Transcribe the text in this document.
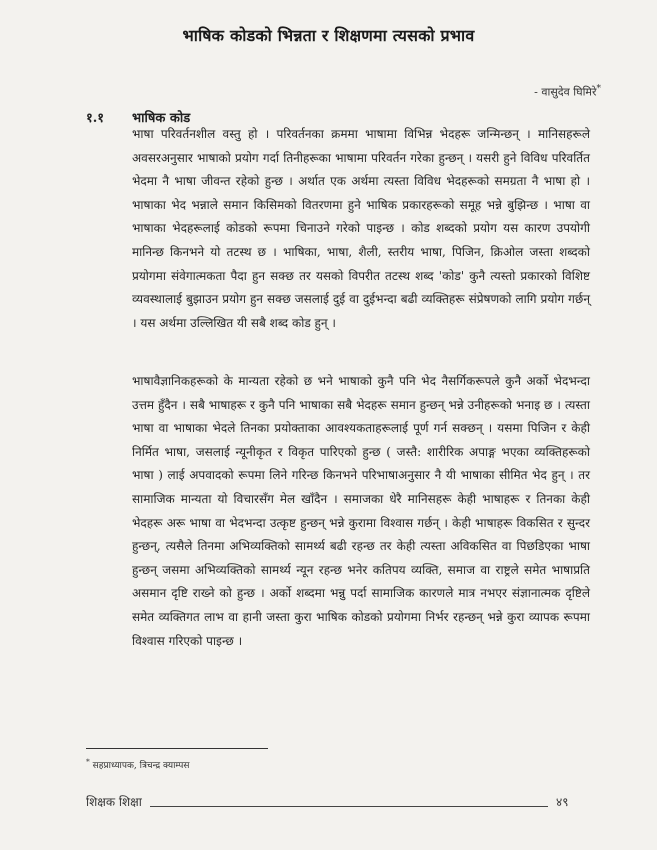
भाषिक कोडको भिन्नता र शिक्षणमा त्यसको प्रभाव
- वासुदेव घिमिरे*
१.१ भाषिक कोड
भाषा परिवर्तनशील वस्तु हो । परिवर्तनका क्रममा भाषामा विभिन्न भेदहरू जन्मिन्छन् । मानिसहरूले अवसरअनुसार भाषाको प्रयोग गर्दा तिनीहरूका भाषामा परिवर्तन गरेका हुन्छन् । यसरी हुने विविध परिवर्तित भेदमा नै भाषा जीवन्त रहेको हुन्छ । अर्थात एक अर्थमा त्यस्ता विविध भेदहरूको समग्रता नै भाषा हो । भाषाका भेद भन्नाले समान किसिमको वितरणमा हुने भाषिक प्रकारहरूको समूह भन्ने बुझिन्छ । भाषा वा भाषाका भेदहरूलाई कोडको रूपमा चिनाउने गरेको पाइन्छ । कोड शब्दको प्रयोग यस कारण उपयोगी मानिन्छ किनभने यो तटस्थ छ । भाषिका, भाषा, शैली, स्तरीय भाषा, पिजिन, क्रिओल जस्ता शब्दको प्रयोगमा संवेगात्मकता पैदा हुन सक्छ तर यसको विपरीत तटस्थ शब्द 'कोड' कुनै त्यस्तो प्रकारको विशिष्ट व्यवस्थालाई बुझाउन प्रयोग हुन सक्छ जसलाई दुई वा दुईभन्दा बढी व्यक्तिहरू संप्रेषणको लागि प्रयोग गर्छन् । यस अर्थमा उल्लिखित यी सबै शब्द कोड हुन् ।
भाषावैज्ञानिकहरूको के मान्यता रहेको छ भने भाषाको कुनै पनि भेद नैसर्गिकरूपले कुनै अर्को भेदभन्दा उत्तम हुँदैन । सबै भाषाहरू र कुनै पनि भाषाका सबै भेदहरू समान हुन्छन् भन्ने उनीहरूको भनाइ छ । त्यस्ता भाषा वा भाषाका भेदले तिनका प्रयोक्ताका आवश्यकताहरूलाई पूर्ण गर्न सक्छन् । यसमा पिजिन र केही निर्मित भाषा, जसलाई न्यूनीकृत र विकृत पारिएको हुन्छ ( जस्तै: शारीरिक अपाङ्ग भएका व्यक्तिहरूको भाषा ) लाई अपवादको रूपमा लिने गरिन्छ किनभने परिभाषाअनुसार नै यी भाषाका सीमित भेद हुन् । तर सामाजिक मान्यता यो विचारसँग मेल खाँदैन । समाजका धेरै मानिसहरू केही भाषाहरू र तिनका केही भेदहरू अरू भाषा वा भेदभन्दा उत्कृष्ट हुन्छन् भन्ने कुरामा विश्वास गर्छन् । केही भाषाहरू विकसित र सुन्दर हुन्छन्, त्यसैले तिनमा अभिव्यक्तिको सामर्थ्य बढी रहन्छ तर केही त्यस्ता अविकसित वा पिछडिएका भाषा हुन्छन् जसमा अभिव्यक्तिको सामर्थ्य न्यून रहन्छ भनेर कतिपय व्यक्ति, समाज वा राष्ट्रले समेत भाषाप्रति असमान दृष्टि राख्ने को हुन्छ । अर्को शब्दमा भन्नु पर्दा सामाजिक कारणले मात्र नभएर संज्ञानात्मक दृष्टिले समेत व्यक्तिगत लाभ वा हानी जस्ता कुरा भाषिक कोडको प्रयोगमा निर्भर रहन्छन् भन्ने कुरा व्यापक रूपमा विश्वास गरिएको पाइन्छ ।
* सहप्राध्यापक, त्रिचन्द्र क्याम्पस
शिक्षक शिक्षा	४९
